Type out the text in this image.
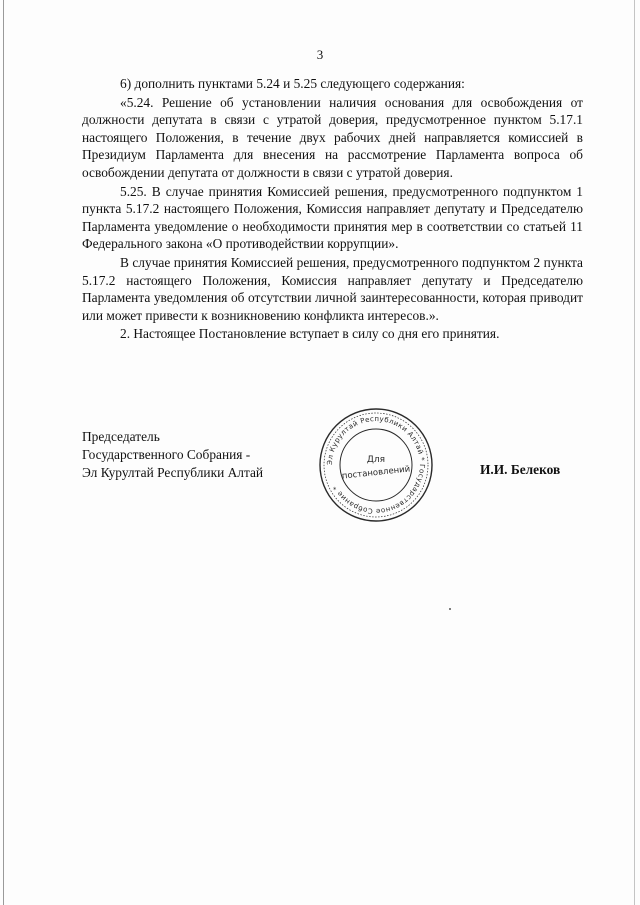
3

6) дополнить пунктами 5.24 и 5.25 следующего содержания:

«5.24. Решение об установлении наличия основания для освобождения от должности депутата в связи с утратой доверия, предусмотренное пунктом 5.17.1 настоящего Положения, в течение двух рабочих дней направляется комиссией в Президиум Парламента для внесения на рассмотрение Парламента вопроса об освобождении депутата от должности в связи с утратой доверия.

5.25. В случае принятия Комиссией решения, предусмотренного подпунктом 1 пункта 5.17.2 настоящего Положения, Комиссия направляет депутату и Председателю Парламента уведомление о необходимости принятия мер в соответствии со статьей 11 Федерального закона «О противодействии коррупции».

В случае принятия Комиссией решения, предусмотренного подпунктом 2 пункта 5.17.2 настоящего Положения, Комиссия направляет депутату и Председателю Парламента уведомления об отсутствии личной заинтересованности, которая приводит или может привести к возникновению конфликта интересов.».

2. Настоящее Постановление вступает в силу со дня его принятия.

Председатель
Государственного Собрания -
Эл Курултай Республики Алтай
Эл Курултай Республики Алтай * Государственное Собрание *
Для
постановлений	И.И. Белеков
